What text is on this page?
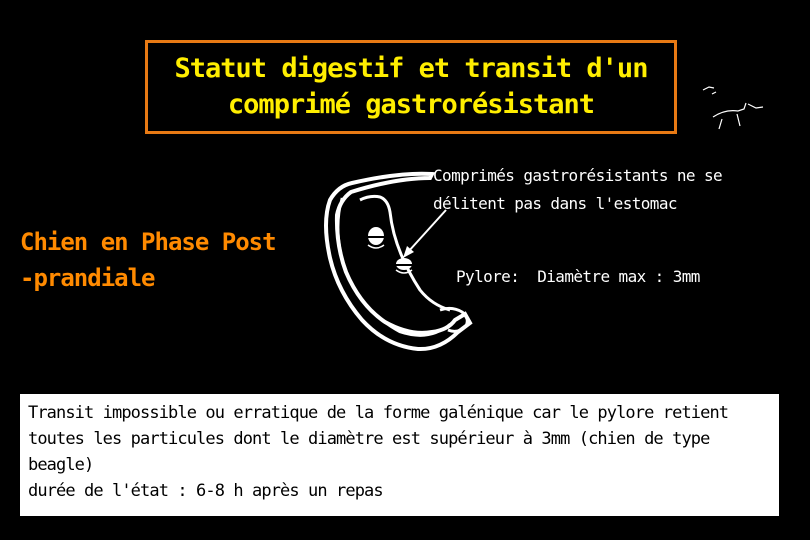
Statut digestif et transit d'un
comprimé gastrorésistant

Chien en Phase Post
-prandiale
Comprimés gastrorésistants ne se
délitent pas dans l'estomac
Pylore: Diamètre max : 3mm

Transit impossible ou erratique de la forme galénique car le pylore retient toutes les particules dont le diamètre est supérieur à 3mm (chien de type beagle)

durée de l'état : 6-8 h après un repas
